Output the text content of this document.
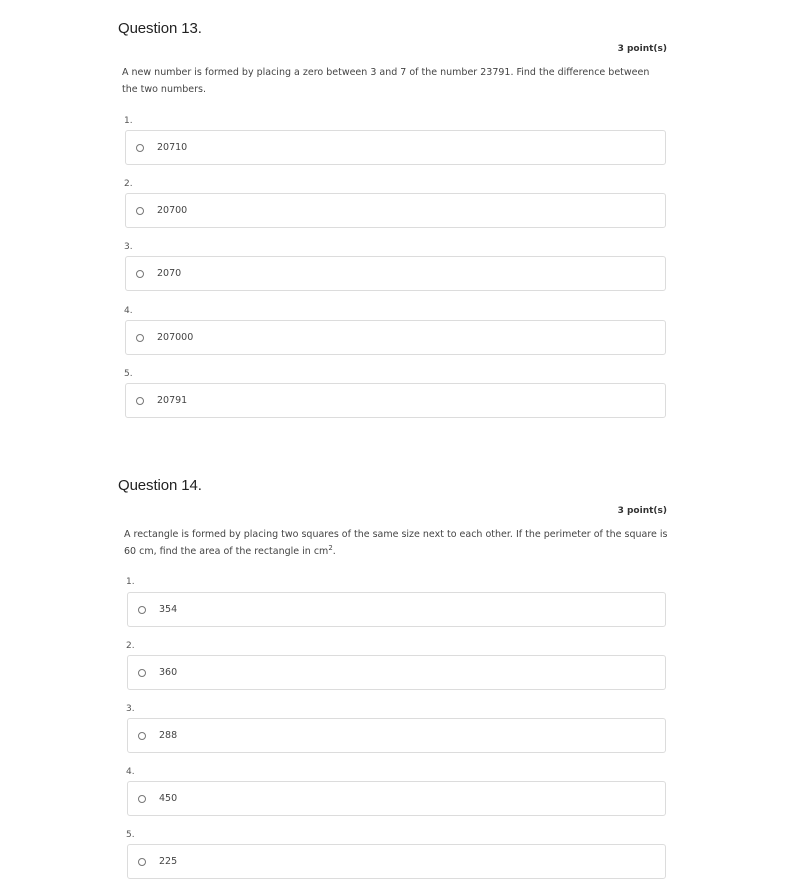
Question 13.
3 point(s)
A new number is formed by placing a zero between 3 and 7 of the number 23791. Find the difference between the two numbers.
1.
20710
2.
20700
3.
2070
4.
207000
5.
20791
Question 14.
3 point(s)
A rectangle is formed by placing two squares of the same size next to each other. If the perimeter of the square is 60 cm, find the area of the rectangle in $cm^2$.
1.
354
2.
360
3.
288
4.
450
5.
225
